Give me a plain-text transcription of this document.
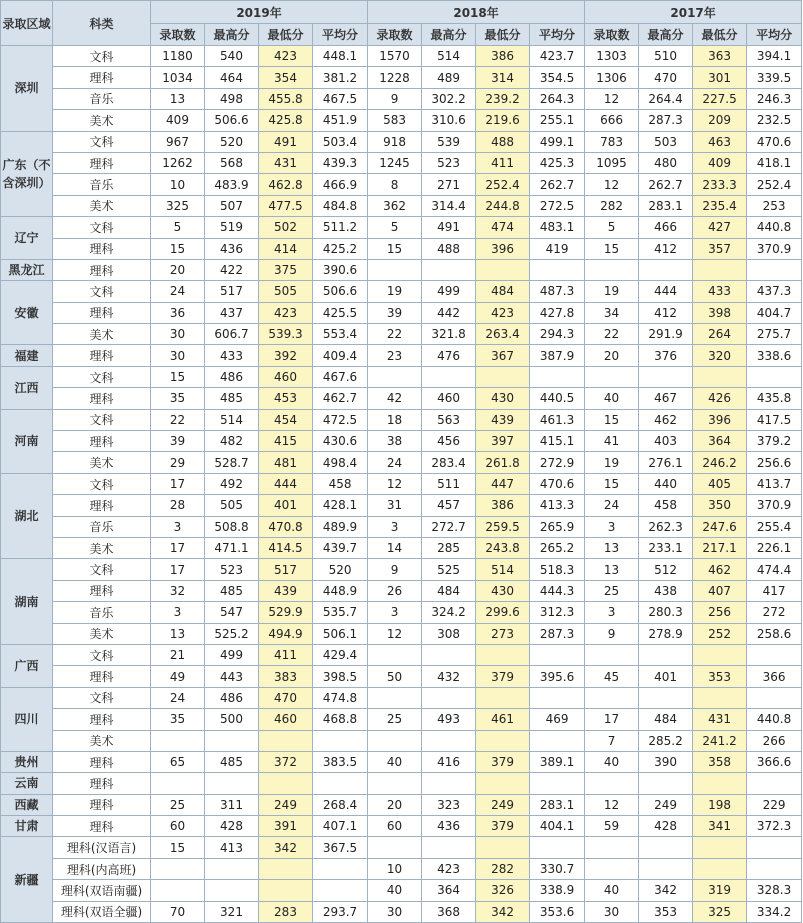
录取区域	科类	2019年				2018年				2017年			
		录取数	最高分	最低分	平均分	录取数	最高分	最低分	平均分	录取数	最高分	最低分	平均分
深圳	文科	1180	540	423	448.1	1570	514	386	423.7	1303	510	363	394.1
	理科	1034	464	354	381.2	1228	489	314	354.5	1306	470	301	339.5
	音乐	13	498	455.8	467.5	9	302.2	239.2	264.3	12	264.4	227.5	246.3
	美术	409	506.6	425.8	451.9	583	310.6	219.6	255.1	666	287.3	209	232.5
广东（不含深圳）	文科	967	520	491	503.4	918	539	488	499.1	783	503	463	470.6
	理科	1262	568	431	439.3	1245	523	411	425.3	1095	480	409	418.1
	音乐	10	483.9	462.8	466.9	8	271	252.4	262.7	12	262.7	233.3	252.4
	美术	325	507	477.5	484.8	362	314.4	244.8	272.5	282	283.1	235.4	253
辽宁	文科	5	519	502	511.2	5	491	474	483.1	5	466	427	440.8
	理科	15	436	414	425.2	15	488	396	419	15	412	357	370.9
黑龙江	理科	20	422	375	390.6								
安徽	文科	24	517	505	506.6	19	499	484	487.3	19	444	433	437.3
	理科	36	437	423	425.5	39	442	423	427.8	34	412	398	404.7
	美术	30	606.7	539.3	553.4	22	321.8	263.4	294.3	22	291.9	264	275.7
福建	理科	30	433	392	409.4	23	476	367	387.9	20	376	320	338.6
江西	文科	15	486	460	467.6								
	理科	35	485	453	462.7	42	460	430	440.5	40	467	426	435.8
河南	文科	22	514	454	472.5	18	563	439	461.3	15	462	396	417.5
	理科	39	482	415	430.6	38	456	397	415.1	41	403	364	379.2
	美术	29	528.7	481	498.4	24	283.4	261.8	272.9	19	276.1	246.2	256.6
湖北	文科	17	492	444	458	12	511	447	470.6	15	440	405	413.7
	理科	28	505	401	428.1	31	457	386	413.3	24	458	350	370.9
	音乐	3	508.8	470.8	489.9	3	272.7	259.5	265.9	3	262.3	247.6	255.4
	美术	17	471.1	414.5	439.7	14	285	243.8	265.2	13	233.1	217.1	226.1
湖南	文科	17	523	517	520	9	525	514	518.3	13	512	462	474.4
	理科	32	485	439	448.9	26	484	430	444.3	25	438	407	417
	音乐	3	547	529.9	535.7	3	324.2	299.6	312.3	3	280.3	256	272
	美术	13	525.2	494.9	506.1	12	308	273	287.3	9	278.9	252	258.6
广西	文科	21	499	411	429.4								
	理科	49	443	383	398.5	50	432	379	395.6	45	401	353	366
四川	文科	24	486	470	474.8								
	理科	35	500	460	468.8	25	493	461	469	17	484	431	440.8
	美术									7	285.2	241.2	266
贵州	理科	65	485	372	383.5	40	416	379	389.1	40	390	358	366.6
云南	理科												
西藏	理科	25	311	249	268.4	20	323	249	283.1	12	249	198	229
甘肃	理科	60	428	391	407.1	60	436	379	404.1	59	428	341	372.3
新疆	理科(汉语言)	15	413	342	367.5								
	理科(内高班)					10	423	282	330.7				
	理科(双语南疆)					40	364	326	338.9	40	342	319	328.3
	理科(双语全疆)	70	321	283	293.7	30	368	342	353.6	30	353	325	334.2
